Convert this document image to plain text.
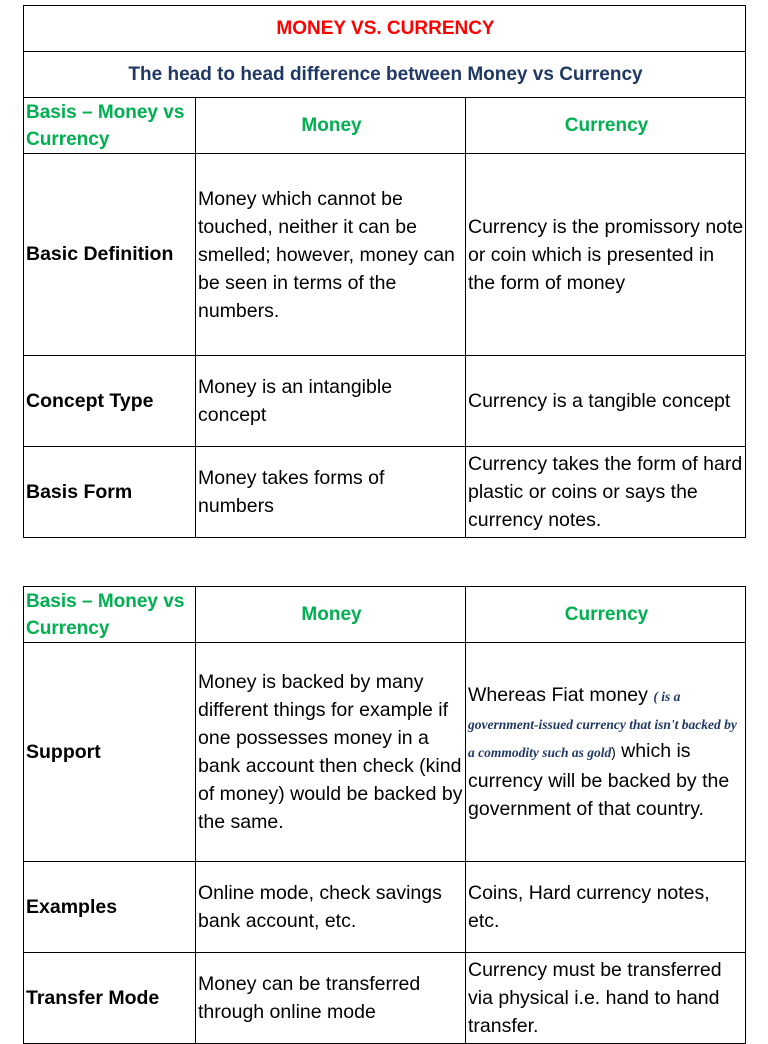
MONEY VS. CURRENCY		
The head to head difference between Money vs Currency		
Basis – Money vs Currency	Money	Currency
Basic Definition	Money which cannot be touched, neither it can be smelled; however, money can be seen in terms of the numbers.	Currency is the promissory note or coin which is presented in the form of money
Concept Type	Money is an intangible concept	Currency is a tangible concept
Basis Form	Money takes forms of numbers	Currency takes the form of hard plastic or coins or says the currency notes.
Basis – Money vs Currency	Money	Currency
Support	Money is backed by many different things for example if one possesses money in a bank account then check (kind of money) would be backed by the same.	Whereas Fiat money ( is a government-issued currency that isn't backed by a commodity such as gold) which is currency will be backed by the government of that country.
Examples	Online mode, check savings bank account, etc.	Coins, Hard currency notes, etc.
Transfer Mode	Money can be transferred through online mode	Currency must be transferred via physical i.e. hand to hand transfer.
